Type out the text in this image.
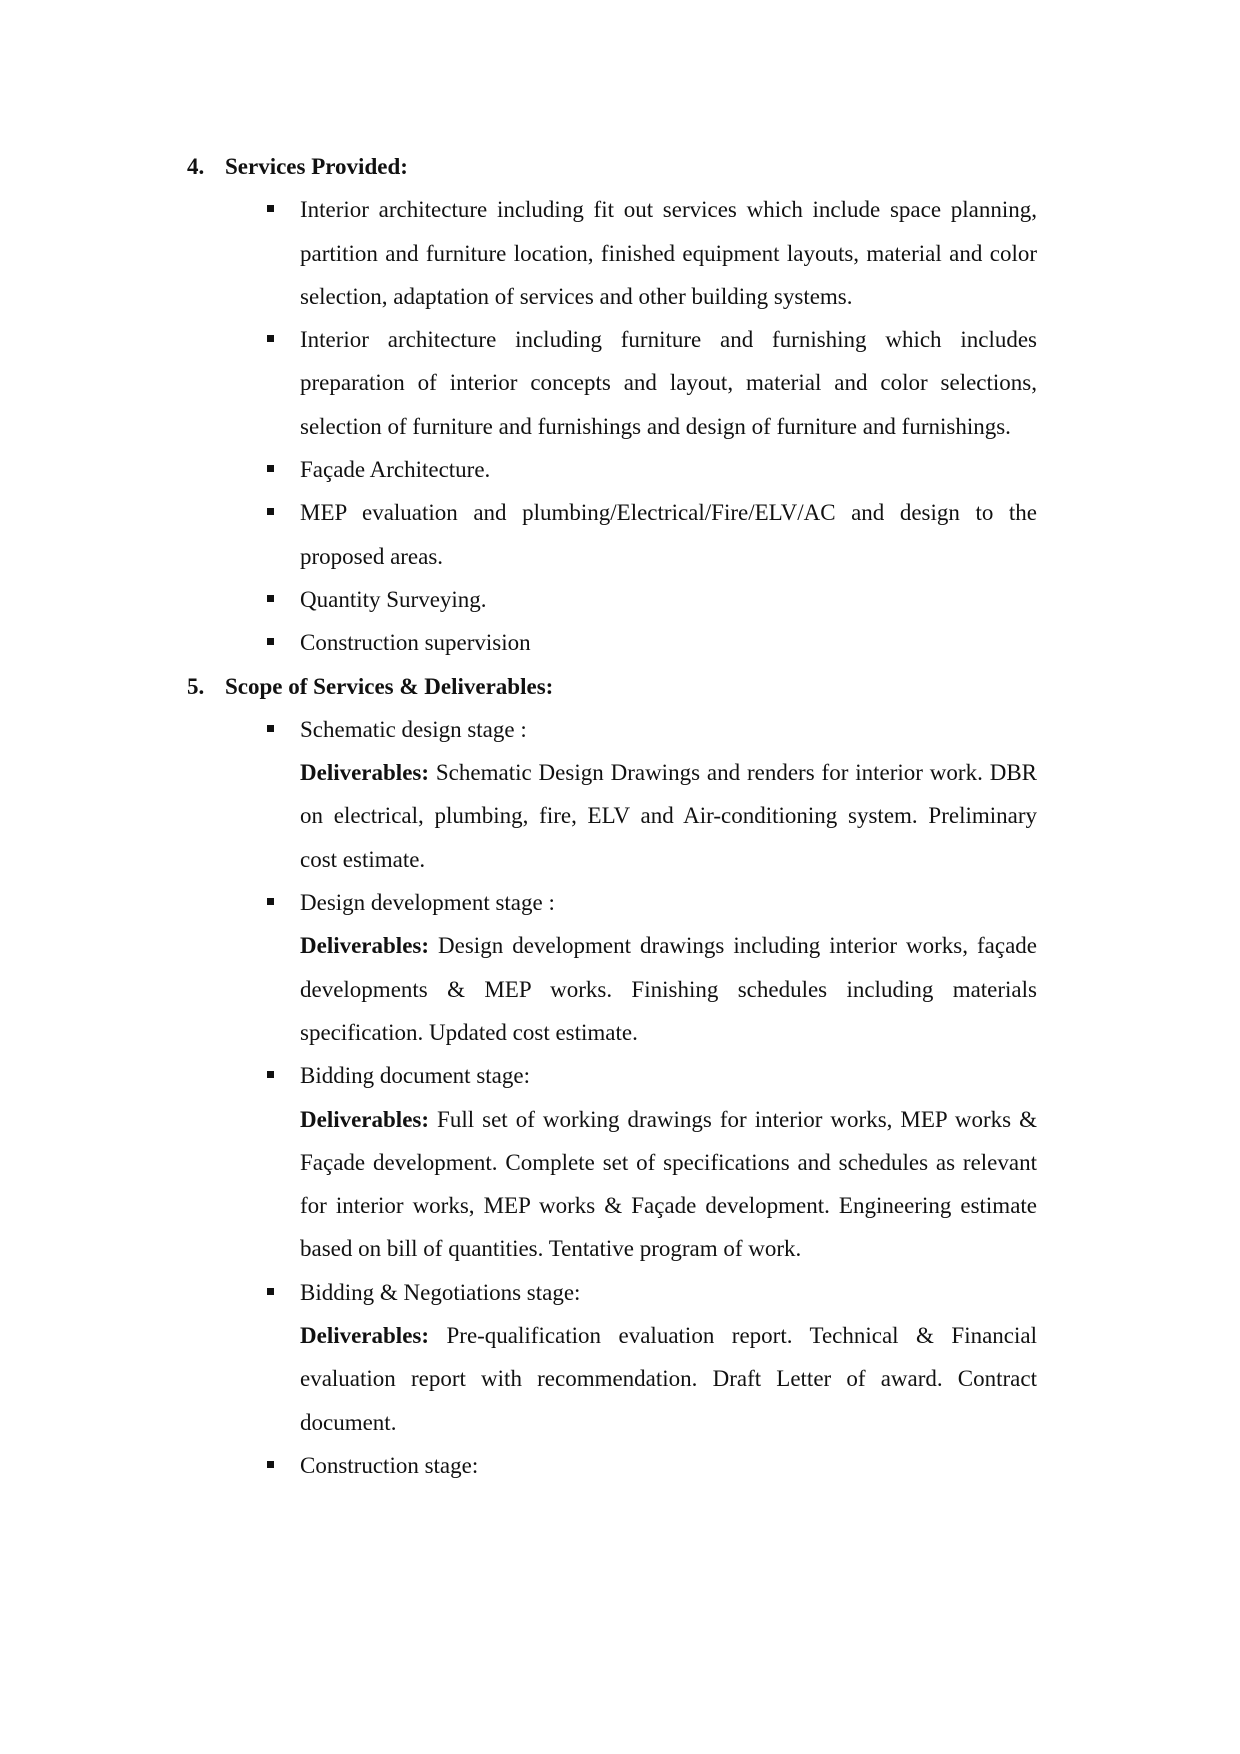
4. Services Provided:
Interior architecture including fit out services which include space planning, partition and furniture location, finished equipment layouts, material and color selection, adaptation of services and other building systems.
Interior architecture including furniture and furnishing which includes preparation of interior concepts and layout, material and color selections, selection of furniture and furnishings and design of furniture and furnishings.
Façade Architecture.
MEP evaluation and plumbing/Electrical/Fire/ELV/AC and design to the proposed areas.
Quantity Surveying.
Construction supervision
5. Scope of Services & Deliverables:
Schematic design stage :
Deliverables: Schematic Design Drawings and renders for interior work. DBR on electrical, plumbing, fire, ELV and Air-conditioning system. Preliminary cost estimate.
Design development stage :
Deliverables: Design development drawings including interior works, façade developments & MEP works. Finishing schedules including materials specification. Updated cost estimate.
Bidding document stage:
Deliverables: Full set of working drawings for interior works, MEP works & Façade development. Complete set of specifications and schedules as relevant for interior works, MEP works & Façade development. Engineering estimate based on bill of quantities. Tentative program of work.
Bidding & Negotiations stage:
Deliverables: Pre-qualification evaluation report. Technical & Financial evaluation report with recommendation. Draft Letter of award. Contract document.
Construction stage:
